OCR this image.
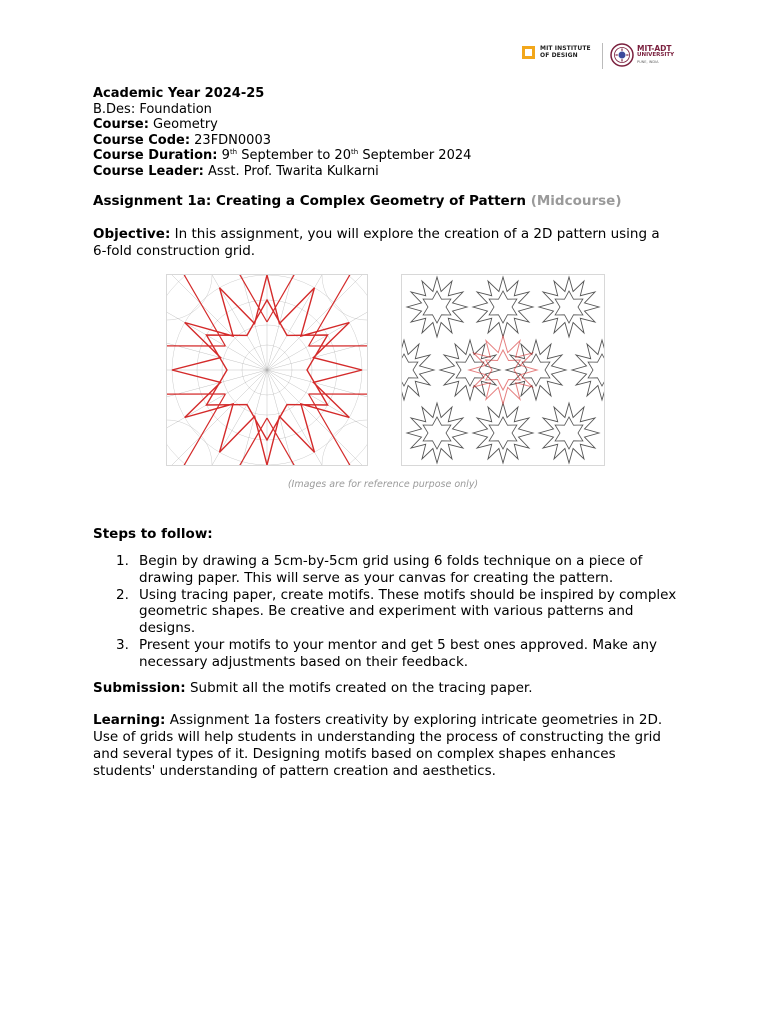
MIT INSTITUTE
OF DESIGN
MIT-ADT
UNIVERSITY
PUNE, INDIA
Academic Year 2024-25
B.Des: Foundation
Course: Geometry
Course Code: 23FDN0003
Course Duration: 9th September to 20th September 2024
Course Leader: Asst. Prof. Twarita Kulkarni
Assignment 1a: Creating a Complex Geometry of Pattern (Midcourse)
Objective: In this assignment, you will explore the creation of a 2D pattern using a 6-fold construction grid.
(Images are for reference purpose only)
Steps to follow:
1. Begin by drawing a 5cm-by-5cm grid using 6 folds technique on a piece of drawing paper. This will serve as your canvas for creating the pattern.
2. Using tracing paper, create motifs. These motifs should be inspired by complex geometric shapes. Be creative and experiment with various patterns and designs.
3. Present your motifs to your mentor and get 5 best ones approved. Make any necessary adjustments based on their feedback.
Submission: Submit all the motifs created on the tracing paper.
Learning: Assignment 1a fosters creativity by exploring intricate geometries in 2D. Use of grids will help students in understanding the process of constructing the grid and several types of it. Designing motifs based on complex shapes enhances students' understanding of pattern creation and aesthetics.
